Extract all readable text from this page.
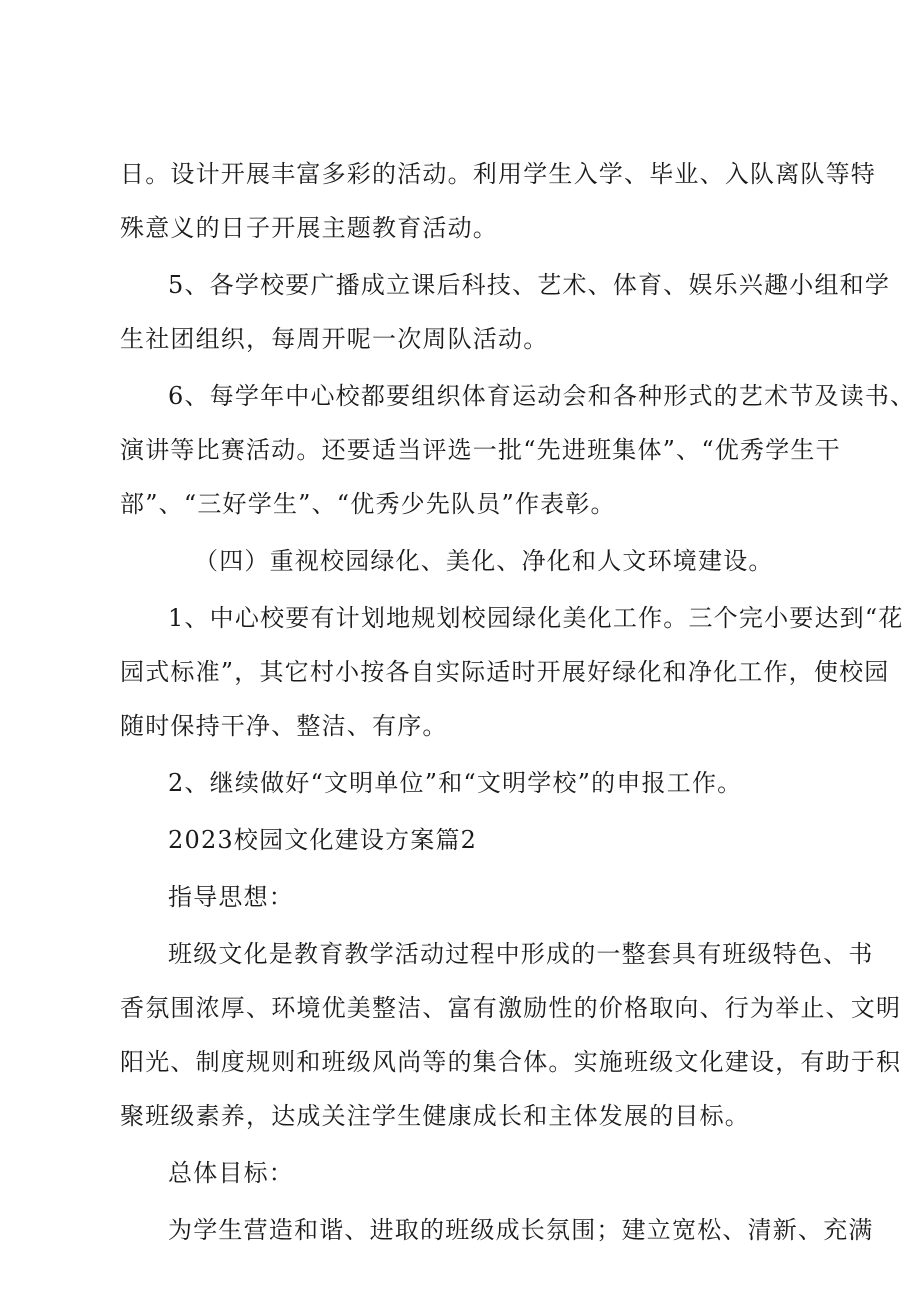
日。设计开展丰富多彩的活动。利用学生入学、毕业、入队离队等特

殊意义的日子开展主题教育活动。

5、各学校要广播成立课后科技、艺术、体育、娱乐兴趣小组和学

生社团组织，每周开呢一次周队活动。

6、每学年中心校都要组织体育运动会和各种形式的艺术节及读书、

演讲等比赛活动。还要适当评选一批“先进班集体”、“优秀学生干

部”、“三好学生”、“优秀少先队员”作表彰。

（四）重视校园绿化、美化、净化和人文环境建设。

1、中心校要有计划地规划校园绿化美化工作。三个完小要达到“花

园式标准”，其它村小按各自实际适时开展好绿化和净化工作，使校园

随时保持干净、整洁、有序。

2、继续做好“文明单位”和“文明学校”的申报工作。

2023校园文化建设方案篇2

指导思想：

班级文化是教育教学活动过程中形成的一整套具有班级特色、书

香氛围浓厚、环境优美整洁、富有激励性的价格取向、行为举止、文明

阳光、制度规则和班级风尚等的集合体。实施班级文化建设，有助于积

聚班级素养，达成关注学生健康成长和主体发展的目标。

总体目标：

为学生营造和谐、进取的班级成长氛围；建立宽松、清新、充满
